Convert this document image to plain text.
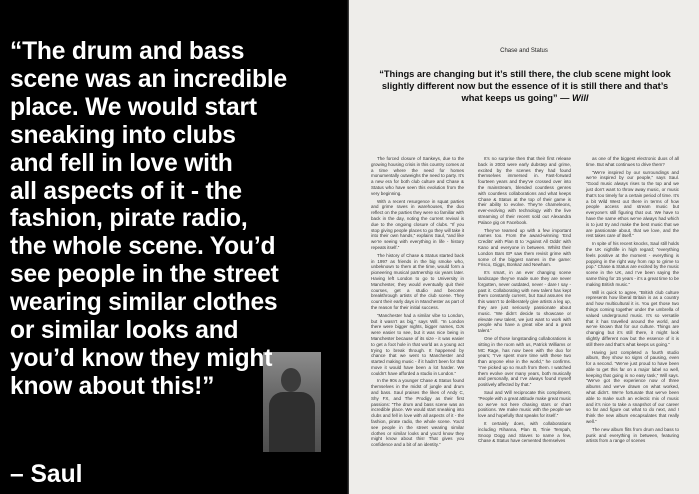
“The drum and bass
scene was an incredible
place. We would start
sneaking into clubs
and fell in love with
all aspects of it - the
fashion, pirate radio,
the whole scene. You’d
see people in the street
wearing similar clothes
or similar looks and
you’d know they might
know about this!”

– Saul
Chase and Status
“Things are changing but it’s still there, the club scene might look slightly different now but the essence of it is still there and that’s what keeps us going” — Will

The forced closure of Sankeys, due to the growing housing crisis in this country comes at a time where the need for homes monumentally outweighs the need to party. It’s a new era for both club culture and Chase & Status who have seen this evolution from the very beginning.

With a recent resurgence in squat parties and grime raves in warehouses, the duo reflect on the parties they were so familiar with back in the day, noting the current revival is due to the ongoing closure of clubs. “If you stop giving people places to go they will take it into their own hands,” explains Saul, “and like we’re seeing with everything in life - history repeats itself.”

The history of Chase & Status started back in 1997 as friends in the big smoke who, unbeknown to them at the time, would form a pioneering musical partnership six years later. Having left London to go to University in Manchester, they would eventually quit their courses, get a studio and become breakthrough artists of the club scene. They count their early days in Manchester as part of the reason for their initial success.

“Manchester had a similar vibe to London, but it wasn’t as big,” says Will. “In London there were bigger nights, bigger names, DJs were easier to see, but it was nice being in Manchester because of its size - it was easier to get a foot hole in that world as a young act trying to break through. It happened by chance that we went to Manchester and started making music - if it hadn’t been for that move it would have been a lot harder. We couldn’t have afforded a studio in London.”

In the 90s a younger Chase & Status found themselves in the midst of jungle and drum and bass. Saul praises the likes of Andy C, Shy FX, and The Prodigy as their first passions: “The drum and bass scene was an incredible place. We would start sneaking into clubs and fell in love with all aspects of it - the fashion, pirate radio, the whole scene. You’d see people in the street wearing similar clothes or similar looks and you’d know they might know about this! That gives you confidence and a bit of an identity.”

It’s no surprise then that their first release back in 2003 were early dubstep and grime, excited by the scenes they had found themselves immersed in. Fast-forward fourteen years and they’ve crossed over into the mainstream, blended countless genres with countless collaborations and what keeps Chase & Status at the top of their game is their ability to evolve. They’re chameleons, ever-evolving with technology with the live streaming of their recent sold out Alexandra Palace gig on Facebook.

They’ve teamed up with a few important names too. From the award-winning ‘End Credits’ with Plan B to ‘Against All Odds’ with Kano and everyone in between. Whilst their London Bars EP saw them revisit grime with some of the biggest names in the game: Frisco, Giggs, Bonkaz and Newham.

It’s smart, in an ever changing scene landscape they’ve made sure they are never forgotten, never outdated, never - dare I say - past it. Collaborating with new talent has kept them constantly current, but Saul assures me this wasn’t to deliberately give artists a leg up, they are just seriously passionate about music. “We didn’t decide to showcase or elevate new talent, we just want to work with people who have a great vibe and a great talent.”

One of those longstanding collaborations is sitting in the room with us, Patrick Williams or MC Rage, has now been with the duo for years; “I’ve spent more time with these two than anyone else in the world,” he confirms. “I’ve picked up so much from them. I watched them evolve over many years, both musically and personally, and I’ve always found myself positively affected by that.”

Saul and Will reciprocate this compliment, “People with a great attitude make great music so we’ve not here chasing stars or chart positions. We make music with the people we love and hopefully that speaks for itself.”

It certainly does, with collaborations including Rihanna, Plan B, Tinie Tempah, Snoop Dogg and Slaves to name a few, Chase & Status have cemented themselves

as one of the biggest electronic duos of all time. But what continues to drive them?

“We’re inspired by our surroundings and we’re inspired by our people,” says Saul. “Good music always rises to the top and we just don’t want to throw away music, or music that’s too timely for a certain period of time. It’s a bit Wild West out there in terms of how people access and stream music but everyone’s still figuring that out. We have to have the same ethos we’ve always had which is to just try and make the best music that we are passionate about, that we love, and the rest takes care of itself.”

In spite of his recent knocks, Saul still holds the UK nightlife in high regard; “everything feels positive at the moment - everything is popping in the right way from rap to grime to pop.” Chase & Status are excited by the music scene in the UK, and I’ve been saying the same thing for 15 years - it’s a great time to be making British music.”

Will is quick to agree, “British club culture represents how liberal Britain is as a country and how multicultural it is. You get those two things coming together under the umbrella of valued underground music. It’s so versatile that it has travelled around the world, and we’ve known that for our culture. Things are changing but it’s still there, it might look slightly different now but the essence of it is still there and that’s what keeps us going.”

Having just completed a fourth studio album, they show no signs of pausing, even for a second. “We’ve just proud to have been able to get this far on a major label so well, keeping that going is no easy task,” Will says. “We’ve got the experience now of three albums and we’ve drawn on what worked, what didn’t. We’re fortunate that we’ve been able to make such an eclectic mix of music and it’s nice to take a snapshot of our career so far and figure out what to do next, and I think the new album encapsulates that really well.”

The new album flits from drum and bass to punk and everything in between, featuring artists from a range of scenes
